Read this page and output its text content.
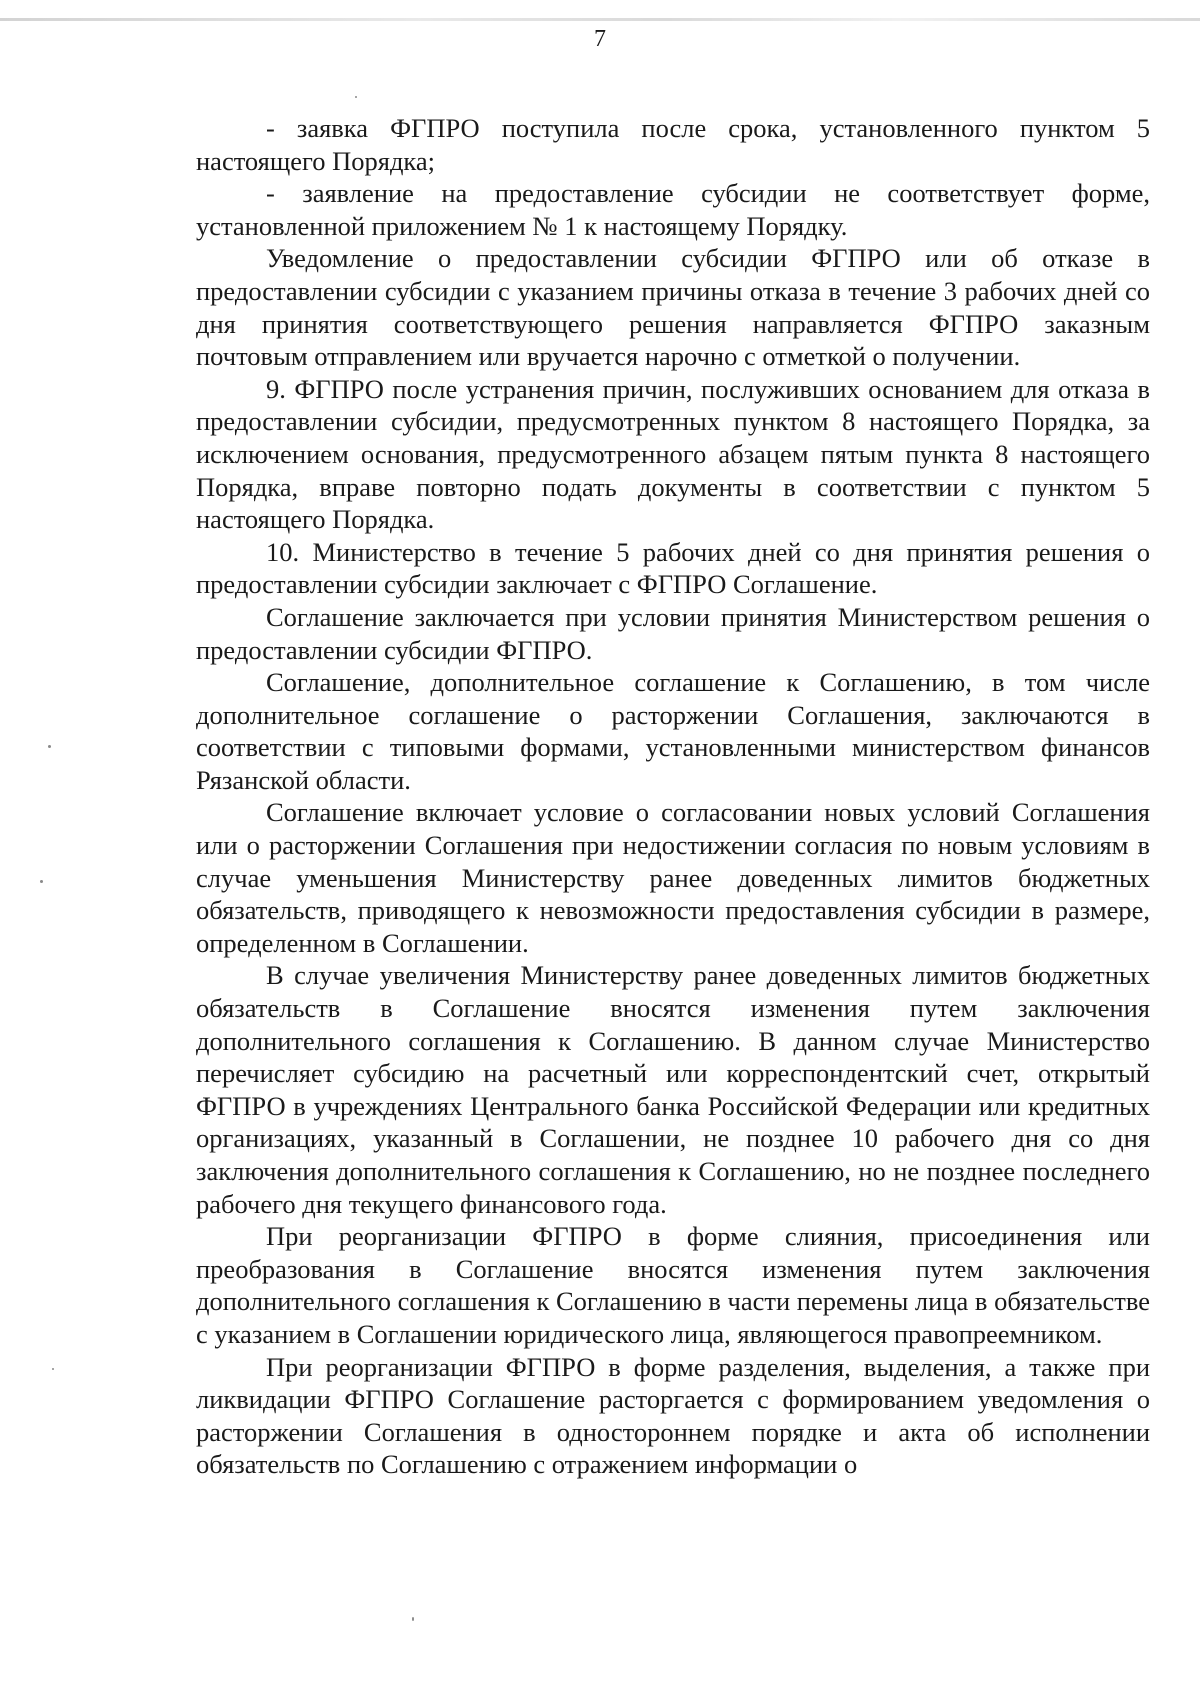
7

- заявка ФГПРО поступила после срока, установленного пунктом 5 настоящего Порядка;

- заявление на предоставление субсидии не соответствует форме, установленной приложением № 1 к настоящему Порядку.

Уведомление о предоставлении субсидии ФГПРО или об отказе в предоставлении субсидии с указанием причины отказа в течение 3 рабочих дней со дня принятия соответствующего решения направляется ФГПРО заказным почтовым отправлением или вручается нарочно с отметкой о получении.

9. ФГПРО после устранения причин, послуживших основанием для отказа в предоставлении субсидии, предусмотренных пунктом 8 настоящего Порядка, за исключением основания, предусмотренного абзацем пятым пункта 8 настоящего Порядка, вправе повторно подать документы в соответствии с пунктом 5 настоящего Порядка.

10. Министерство в течение 5 рабочих дней со дня принятия решения о предоставлении субсидии заключает с ФГПРО Соглашение.

Соглашение заключается при условии принятия Министерством решения о предоставлении субсидии ФГПРО.

Соглашение, дополнительное соглашение к Соглашению, в том числе дополнительное соглашение о расторжении Соглашения, заключаются в соответствии с типовыми формами, установленными министерством финансов Рязанской области.

Соглашение включает условие о согласовании новых условий Соглашения или о расторжении Соглашения при недостижении согласия по новым условиям в случае уменьшения Министерству ранее доведенных лимитов бюджетных обязательств, приводящего к невозможности предоставления субсидии в размере, определенном в Соглашении.

В случае увеличения Министерству ранее доведенных лимитов бюджетных обязательств в Соглашение вносятся изменения путем заключения дополнительного соглашения к Соглашению. В данном случае Министерство перечисляет субсидию на расчетный или корреспондентский счет, открытый ФГПРО в учреждениях Центрального банка Российской Федерации или кредитных организациях, указанный в Соглашении, не позднее 10 рабочего дня со дня заключения дополнительного соглашения к Соглашению, но не позднее последнего рабочего дня текущего финансового года.

При реорганизации ФГПРО в форме слияния, присоединения или преобразования в Соглашение вносятся изменения путем заключения дополнительного соглашения к Соглашению в части перемены лица в обязательстве с указанием в Соглашении юридического лица, являющегося правопреемником.

При реорганизации ФГПРО в форме разделения, выделения, а также при ликвидации ФГПРО Соглашение расторгается с формированием уведомления о расторжении Соглашения в одностороннем порядке и акта об исполнении обязательств по Соглашению с отражением информации о
